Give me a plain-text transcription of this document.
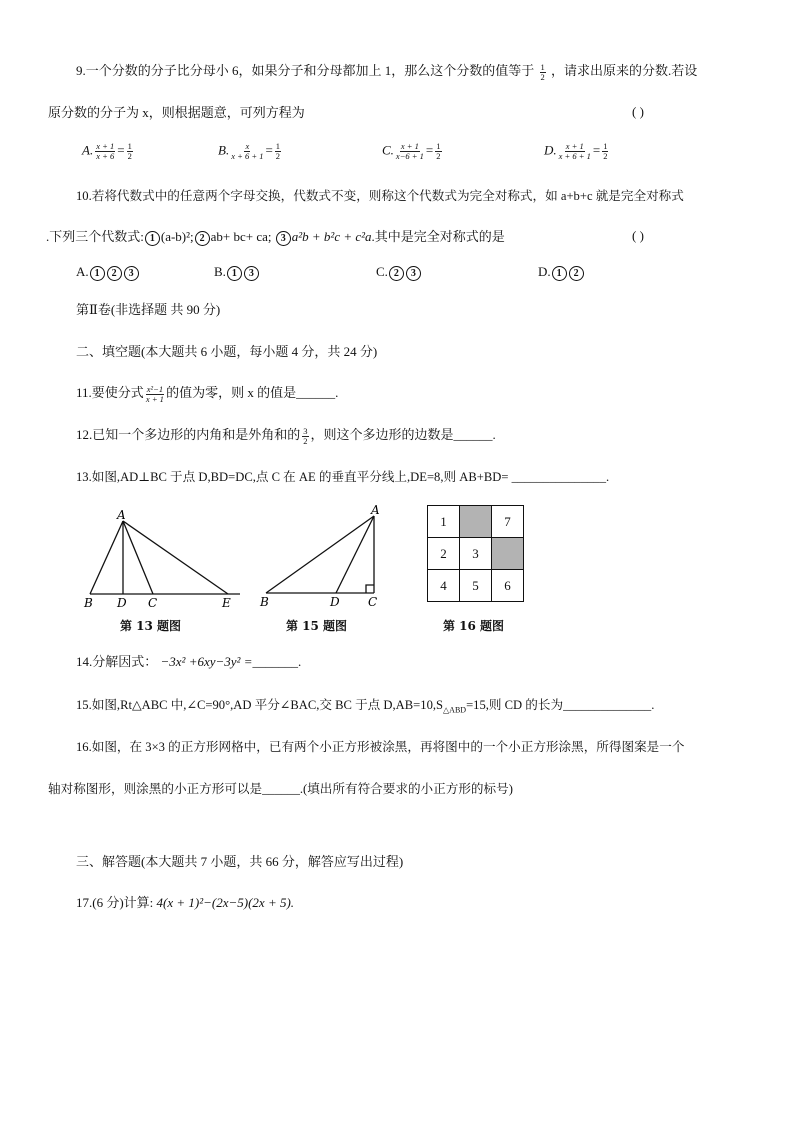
9.一个分数的分子比分母小 6，如果分子和分母都加上 1，那么这个分数的值等于 $\frac{1}{2}$ ，请求出原来的分数.若设
原分数的分子为 x，则根据题意，可列方程为	( )
A. $\frac{x + 1}{x + 6} = \frac{1}{2}$	B. $\frac{x}{x + 6 + 1} = \frac{1}{2}$	C. $\frac{x + 1}{x-6 + 1} = \frac{1}{2}$	D. $\frac{x + 1}{x + 6 + 1} = \frac{1}{2}$
10.若将代数式中的任意两个字母交换，代数式不变，则称这个代数式为完全对称式，如 a+b+c 就是完全对称式
.下列三个代数式: 1 (a-b)²; 2 ab+ bc+ ca; 3 a²b + b²c + c²a.其中是完全对称式的是	( )
A. 1 2 3	B. 1 3	C. 2 3	D. 1 2
第Ⅱ卷(非选择题 共 90 分)
二、填空题(本大题共 6 小题，每小题 4 分，共 24 分)
11.要使分式 $\frac{\text{x²−1}}{x + 1}$ 的值为零，则 x 的值是______.
12.已知一个多边形的内角和是外角和的 $\frac{3}{2}$ ，则这个多边形的边数是______.
13.如图,AD⊥BC 于点 D,BD=DC,点 C 在 AE 的垂直平分线上,DE=8,则 AB+BD= _______________.
A
B D C	E
第 13 题图
A
B	D C
第 15 题图
1		7
2	3	
4	5	6
第 16 题图
14.分解因式： −3x² +6xy−3y² =_______.
15.如图,Rt△ABC 中,∠C=90°,AD 平分∠BAC,交 BC 于点 $D,AB=10,S_{\triangle ABD}=15$,则 CD 的长为______________.
16.如图，在 3×3 的正方形网格中，已有两个小正方形被涂黑，再将图中的一个小正方形涂黑，所得图案是一个
轴对称图形，则涂黑的小正方形可以是______.(填出所有符合要求的小正方形的标号)
三、解答题(本大题共 7 小题，共 66 分，解答应写出过程)
17.(6 分)计算: 4(x + 1)²−(2x−5)(2x + 5).
